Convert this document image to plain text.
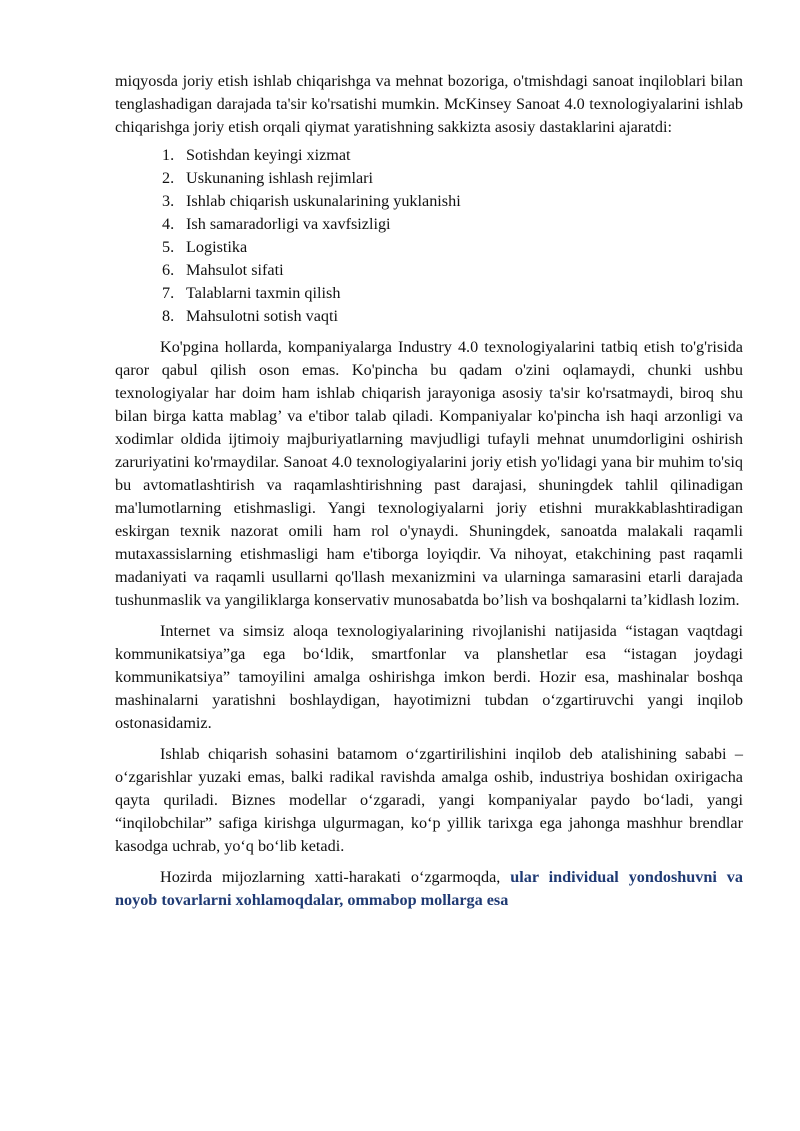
miqyosda joriy etish ishlab chiqarishga va mehnat bozoriga, o'tmishdagi sanoat inqiloblari bilan tenglashadigan darajada ta'sir ko'rsatishi mumkin. McKinsey Sanoat 4.0 texnologiyalarini ishlab chiqarishga joriy etish orqali qiymat yaratishning sakkizta asosiy dastaklarini ajaratdi:

1. Sotishdan keyingi xizmat
2. Uskunaning ishlash rejimlari
3. Ishlab chiqarish uskunalarining yuklanishi
4. Ish samaradorligi va xavfsizligi
5. Logistika
6. Mahsulot sifati
7. Talablarni taxmin qilish
8. Mahsulotni sotish vaqti

Ko'pgina hollarda, kompaniyalarga Industry 4.0 texnologiyalarini tatbiq etish to'g'risida qaror qabul qilish oson emas. Ko'pincha bu qadam o'zini oqlamaydi, chunki ushbu texnologiyalar har doim ham ishlab chiqarish jarayoniga asosiy ta'sir ko'rsatmaydi, biroq shu bilan birga katta mablag’ va e'tibor talab qiladi. Kompaniyalar ko'pincha ish haqi arzonligi va xodimlar oldida ijtimoiy majburiyatlarning mavjudligi tufayli mehnat unumdorligini oshirish zaruriyatini ko'rmaydilar. Sanoat 4.0 texnologiyalarini joriy etish yo'lidagi yana bir muhim to'siq bu avtomatlashtirish va raqamlashtirishning past darajasi, shuningdek tahlil qilinadigan ma'lumotlarning etishmasligi. Yangi texnologiyalarni joriy etishni murakkablashtiradigan eskirgan texnik nazorat omili ham rol o'ynaydi. Shuningdek, sanoatda malakali raqamli mutaxassislarning etishmasligi ham e'tiborga loyiqdir. Va nihoyat, etakchining past raqamli madaniyati va raqamli usullarni qo'llash mexanizmini va ularninga samarasini etarli darajada tushunmaslik va yangiliklarga konservativ munosabatda bo’lish va boshqalarni ta’kidlash lozim.

Internet va simsiz aloqa texnologiyalarining rivojlanishi natijasida “istagan vaqtdagi kommunikatsiya”ga ega bo‘ldik, smartfonlar va planshetlar esa “istagan joydagi kommunikatsiya” tamoyilini amalga oshirishga imkon berdi. Hozir esa, mashinalar boshqa mashinalarni yaratishni boshlaydigan, hayotimizni tubdan o‘zgartiruvchi yangi inqilob ostonasidamiz.

Ishlab chiqarish sohasini batamom o‘zgartirilishini inqilob deb atalishining sababi – o‘zgarishlar yuzaki emas, balki radikal ravishda amalga oshib, industriya boshidan oxirigacha qayta quriladi. Biznes modellar o‘zgaradi, yangi kompaniyalar paydo bo‘ladi, yangi “inqilobchilar” safiga kirishga ulgurmagan, ko‘p yillik tarixga ega jahonga mashhur brendlar kasodga uchrab, yo‘q bo‘lib ketadi.

Hozirda mijozlarning xatti-harakati o‘zgarmoqda, ular individual yondoshuvni va noyob tovarlarni xohlamoqdalar, ommabop mollarga esa
